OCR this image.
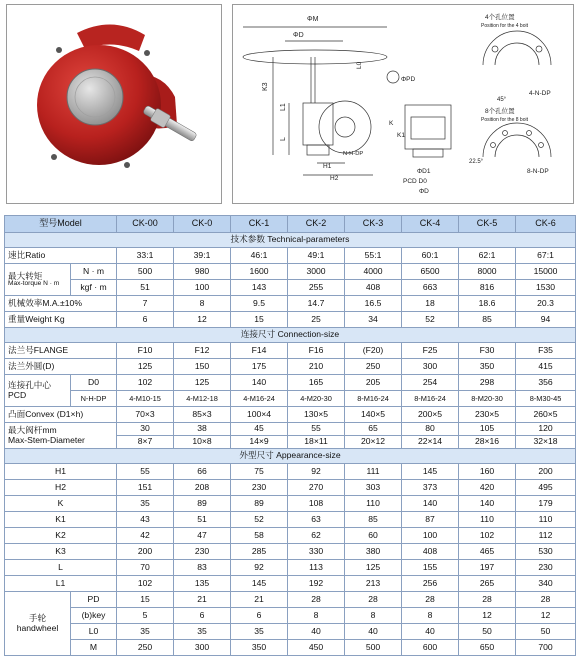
ΦM
ΦD
K3
L1
L
L0
ΦPD
H1
H2
N-H-DP
K
K1
ΦD1
PCD D0
ΦD
4个孔位置
Position for the 4 boit
45°
4-N-DP
8个孔位置
Position for the 8 boit
22.5°
8-N-DP
型号Model		CK-00	CK-0	CK-1	CK-2	CK-3	CK-4	CK-5	CK-6
技术参数 Technical-parameters									
速比Ratio		33:1	39:1	46:1	49:1	55:1	60:1	62:1	67:1

最大转矩
Max-torque N · m	N · m	500	980	1600	3000	4000	6500	8000	15000
	kgf · m	51	100	143	255	408	663	816	1530
机械效率M.A.±10%		7	8	9.5	14.7	16.5	18	18.6	20.3
重量Weight Kg		6	12	15	25	34	52	85	94
连接尺寸 Connection-size									
法兰号FLANGE		F10	F12	F14	F16	(F20)	F25	F30	F35
法兰外圆(D)		125	150	175	210	250	300	350	415

连接孔中心
PCD	D0	102	125	140	165	205	254	298	356
	N-H-DP	4-M10-15	4-M12-18	4-M16-24	4-M20-30	8-M16-24	8-M16-24	8-M20-30	8-M30-45
凸面Convex (D1×h)		70×3	85×3	100×4	130×5	140×5	200×5	230×5	260×5

最大阀杆mm
Max-Stem-Diameter		30	38	45	55	65	80	105	120
		8×7	10×8	14×9	18×11	20×12	22×14	28×16	32×18
外型尺寸 Appearance-size									
H1		55	66	75	92	111	145	160	200
H2		151	208	230	270	303	373	420	495
K		35	89	89	108	110	140	140	179
K1		43	51	52	63	85	87	110	110
K2		42	47	58	62	60	100	102	112
K3		200	230	285	330	380	408	465	530
L		70	83	92	113	125	155	197	230
L1		102	135	145	192	213	256	265	340

手轮
handwheel	PD	15	21	21	28	28	28	28	28
	(b)key	5	6	6	8	8	8	12	12
	L0	35	35	35	40	40	40	50	50
	M	250	300	350	450	500	600	650	700
